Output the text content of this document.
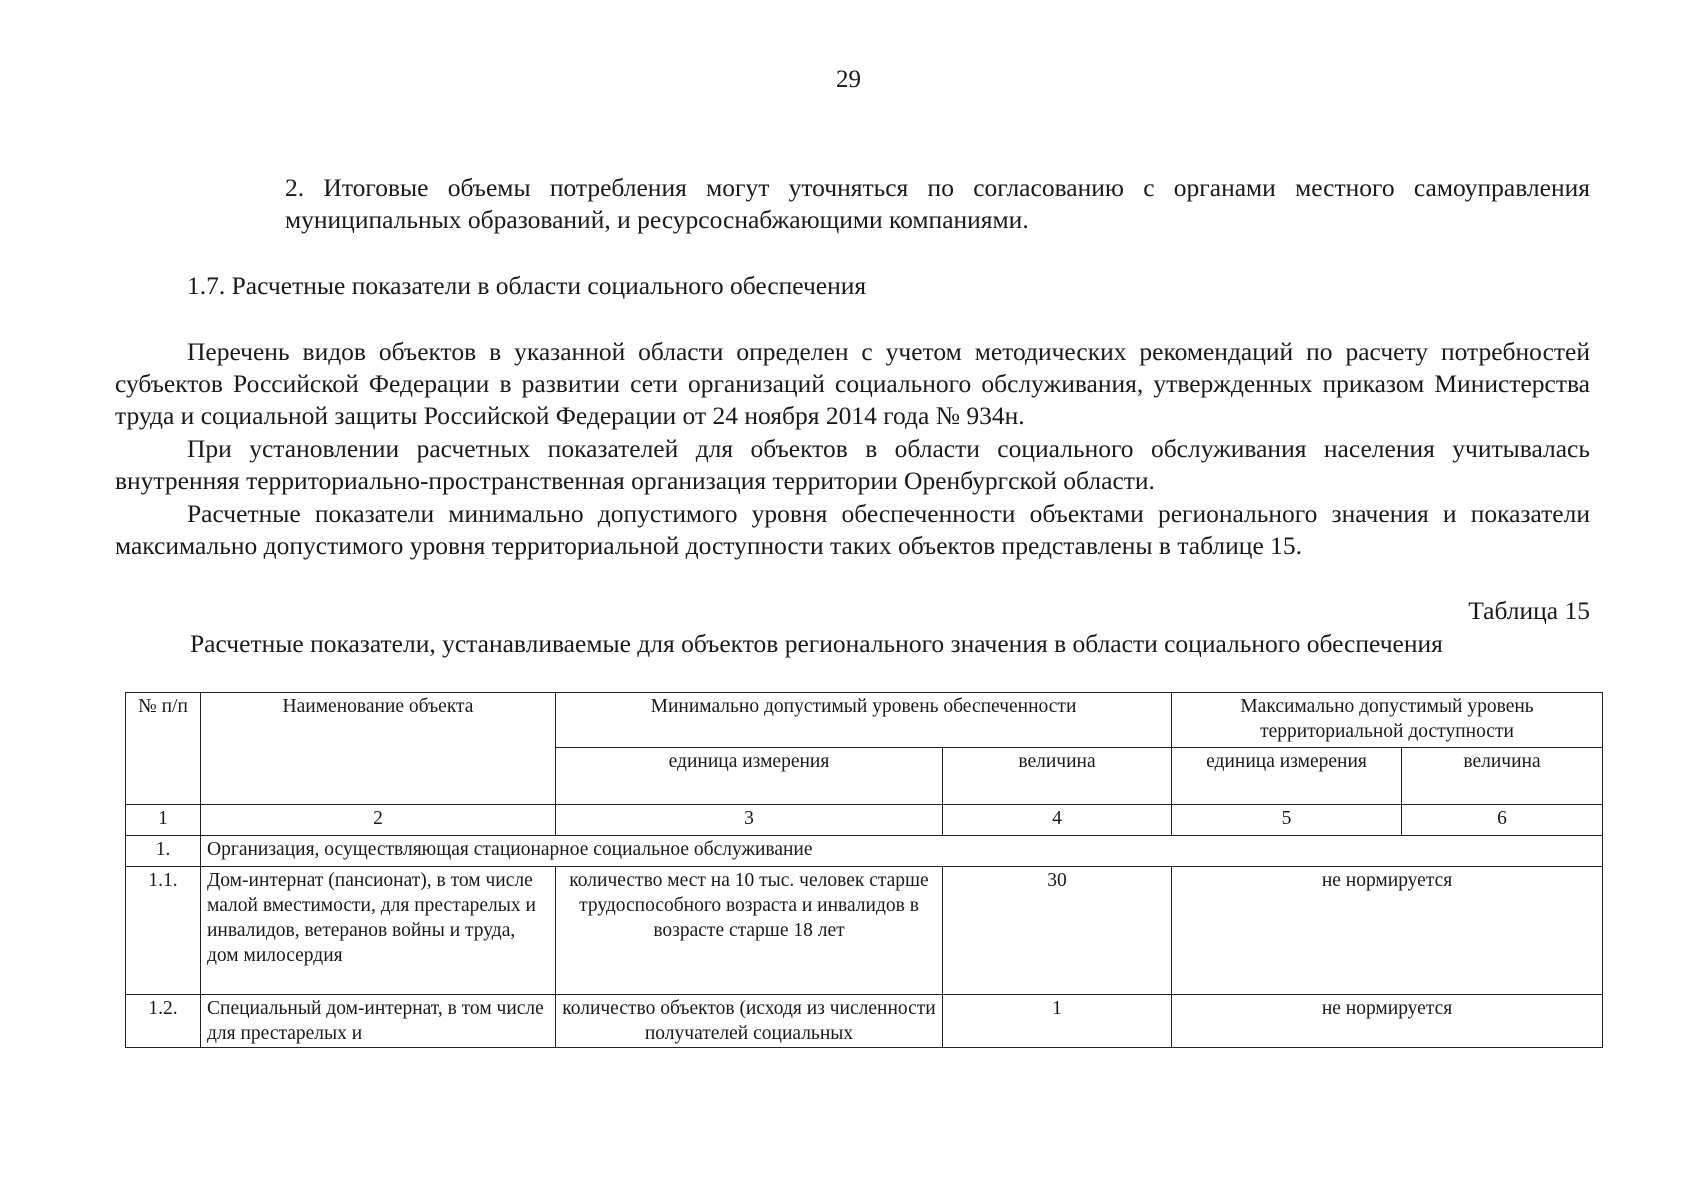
29
2. Итоговые объемы потребления могут уточняться по согласованию с органами местного самоуправления муниципальных образований, и ресурсоснабжающими компаниями.
1.7. Расчетные показатели в области социального обеспечения
Перечень видов объектов в указанной области определен с учетом методических рекомендаций по расчету потребностей субъектов Российской Федерации в развитии сети организаций социального обслуживания, утвержденных приказом Министерства труда и социальной защиты Российской Федерации от 24 ноября 2014 года № 934н.
При установлении расчетных показателей для объектов в области социального обслуживания населения учитывалась внутренняя территориально-пространственная организация территории Оренбургской области.
Расчетные показатели минимально допустимого уровня обеспеченности объектами регионального значения и показатели максимально допустимого уровня территориальной доступности таких объектов представлены в таблице 15.
Таблица 15
Расчетные показатели, устанавливаемые для объектов регионального значения в области социального обеспечения
№ п/п	Наименование объекта	Минимально допустимый уровень обеспеченности		Максимально допустимый уровень территориальной доступности	
		единица измерения	величина	единица измерения	величина
1	2	3	4	5	6
1.	Организация, осуществляющая стационарное социальное обслуживание				
1.1.	Дом-интернат (пансионат), в том числе малой вместимости, для престарелых и инвалидов, ветеранов войны и труда, дом милосердия	количество мест на 10 тыс. человек старше трудоспособного возраста и инвалидов в возрасте старше 18 лет	30	не нормируется	
1.2.	Специальный дом-интернат, в том числе для престарелых и	количество объектов (исходя из численности получателей социальных	1	не нормируется	
